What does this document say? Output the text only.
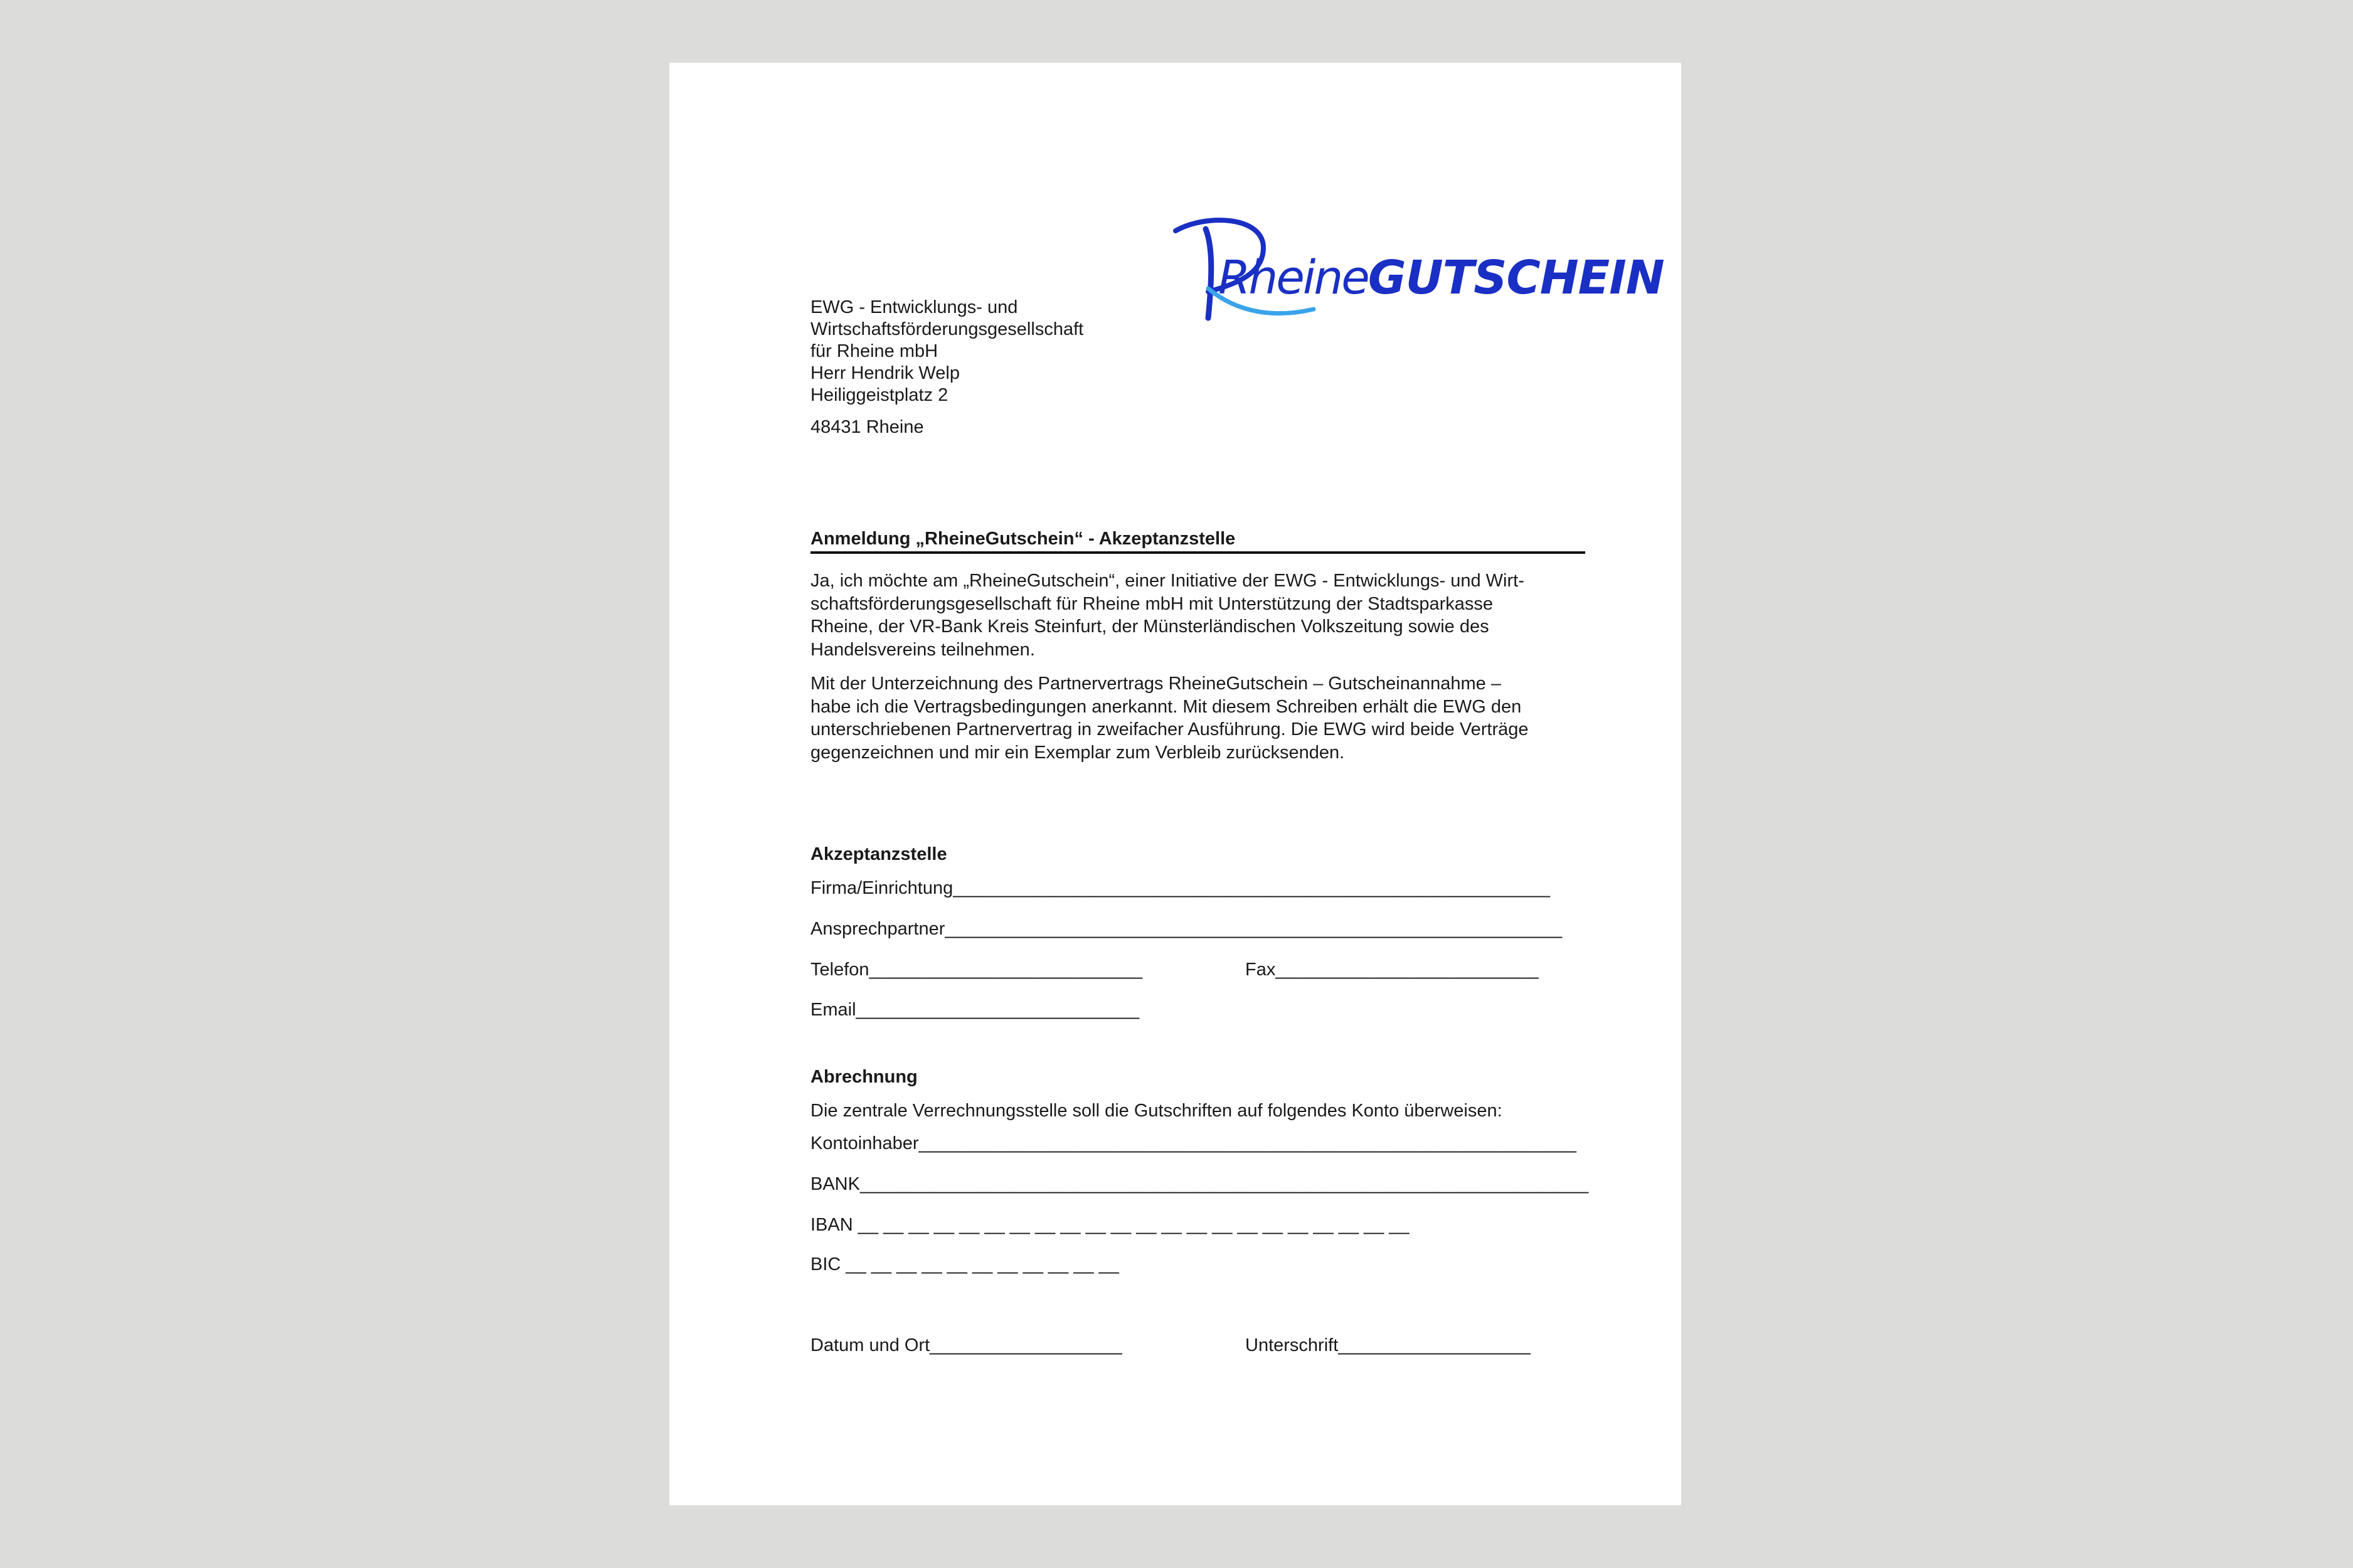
RheineGUTSCHEIN
EWG - Entwicklungs- und
Wirtschaftsförderungsgesellschaft
für Rheine mbH
Herr Hendrik Welp
Heiliggeistplatz 2
48431 Rheine
Anmeldung „RheineGutschein“ - Akzeptanzstelle
Ja, ich möchte am „RheineGutschein“, einer Initiative der EWG - Entwicklungs- und Wirt-
schaftsförderungsgesellschaft für Rheine mbH mit Unterstützung der Stadtsparkasse
Rheine, der VR-Bank Kreis Steinfurt, der Münsterländischen Volkszeitung sowie des
Handelsvereins teilnehmen.
Mit der Unterzeichnung des Partnervertrags RheineGutschein – Gutscheinannahme –
habe ich die Vertragsbedingungen anerkannt. Mit diesem Schreiben erhält die EWG den
unterschriebenen Partnervertrag in zweifacher Ausführung. Die EWG wird beide Verträge
gegenzeichnen und mir ein Exemplar zum Verbleib zurücksenden.
Akzeptanzstelle
Firma/Einrichtung___________________________________________________________
Ansprechpartner_____________________________________________________________
Telefon___________________________	Fax__________________________
Email____________________________
Abrechnung
Die zentrale Verrechnungsstelle soll die Gutschriften auf folgendes Konto überweisen:
Kontoinhaber_________________________________________________________________
BANK________________________________________________________________________
IBAN __ __ __ __ __ __ __ __ __ __ __ __ __ __ __ __ __ __ __ __ __ __
BIC __ __ __ __ __ __ __ __ __ __ __
Datum und Ort___________________	Unterschrift___________________
